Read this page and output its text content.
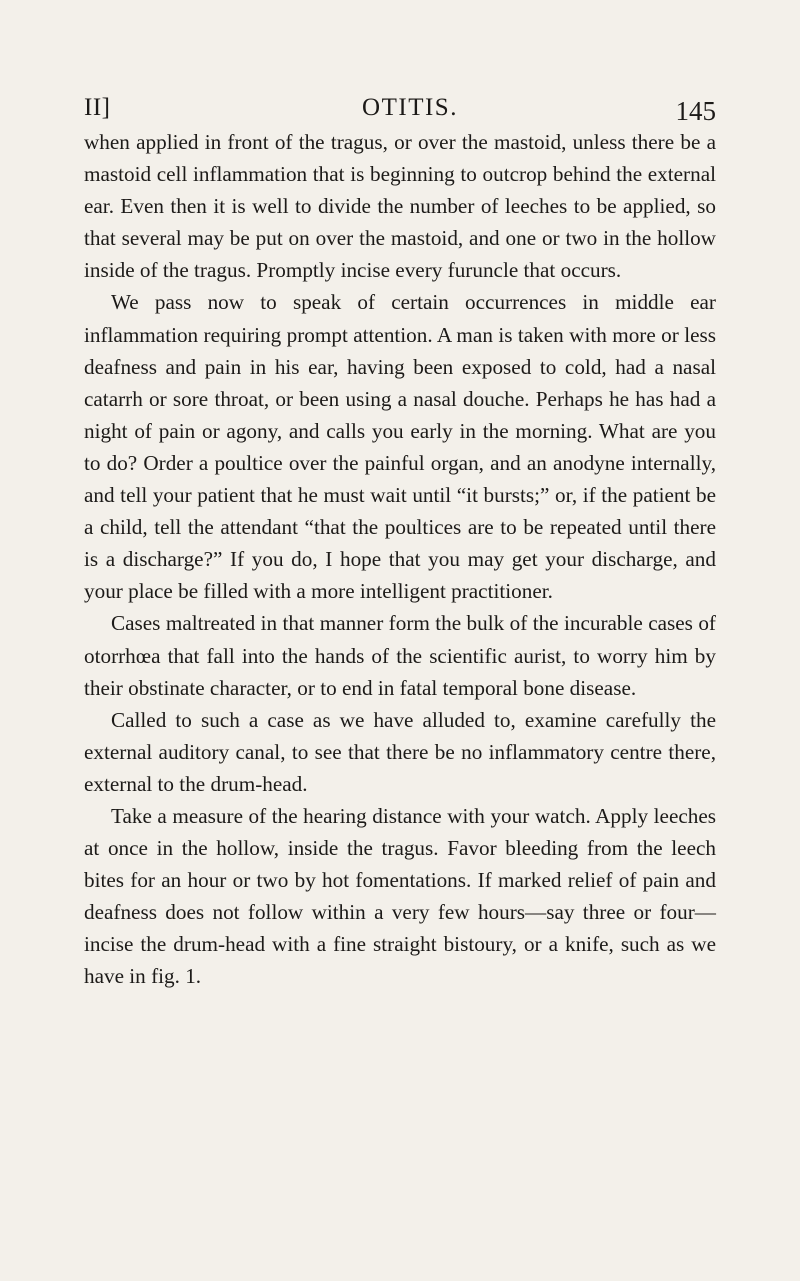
II]	OTITIS.	145

when applied in front of the tragus, or over the mastoid, unless there be a mastoid cell inflammation that is beginning to outcrop behind the external ear. Even then it is well to divide the number of leeches to be applied, so that several may be put on over the mastoid, and one or two in the hollow inside of the tragus. Promptly incise every furuncle that occurs.

We pass now to speak of certain occurrences in middle ear inflammation requiring prompt attention. A man is taken with more or less deafness and pain in his ear, having been exposed to cold, had a nasal catarrh or sore throat, or been using a nasal douche. Perhaps he has had a night of pain or agony, and calls you early in the morning. What are you to do? Order a poultice over the painful organ, and an anodyne internally, and tell your patient that he must wait until “it bursts;” or, if the patient be a child, tell the attendant “that the poultices are to be repeated until there is a discharge?” If you do, I hope that you may get your discharge, and your place be filled with a more intelligent practitioner.

Cases maltreated in that manner form the bulk of the incurable cases of otorrhœa that fall into the hands of the scientific aurist, to worry him by their obstinate character, or to end in fatal temporal bone disease.

Called to such a case as we have alluded to, examine carefully the external auditory canal, to see that there be no inflammatory centre there, external to the drum-head.

Take a measure of the hearing distance with your watch. Apply leeches at once in the hollow, inside the tragus. Favor bleeding from the leech bites for an hour or two by hot fomentations. If marked relief of pain and deafness does not follow within a very few hours—say three or four—incise the drum-head with a fine straight bistoury, or a knife, such as we have in fig. 1.
